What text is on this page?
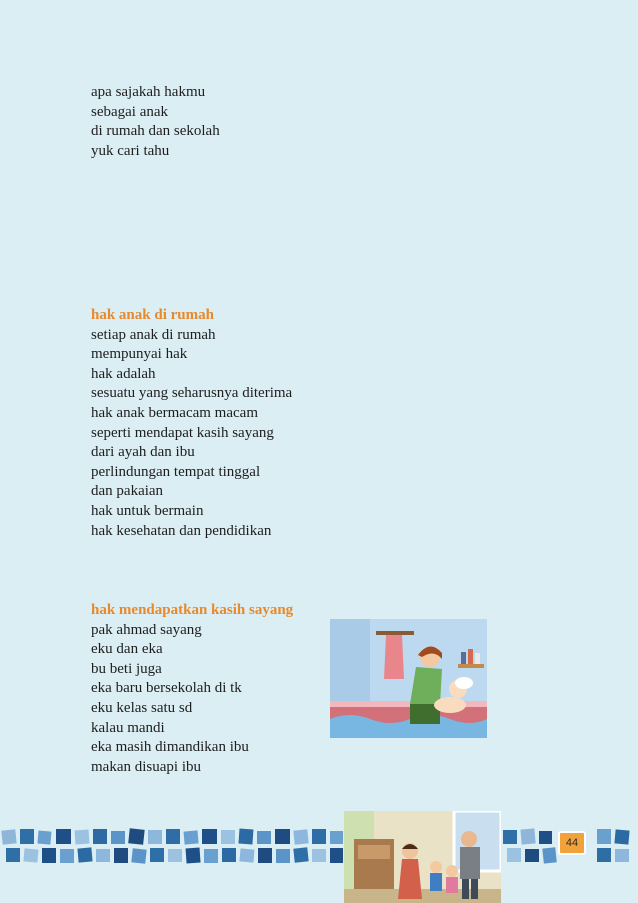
apa sajakah hakmu
sebagai anak
di rumah dan sekolah
yuk cari tahu
hak anak di rumah
setiap anak di rumah
mempunyai hak
hak adalah
sesuatu yang seharusnya diterima
hak anak bermacam macam
seperti mendapat kasih sayang
dari ayah dan ibu
perlindungan tempat tinggal
dan pakaian
hak untuk bermain
hak kesehatan dan pendidikan
hak mendapatkan kasih sayang
pak ahmad sayang
eku dan eka
bu beti juga
eka baru bersekolah di tk
eku kelas satu sd
kalau mandi
eka masih dimandikan ibu
makan disuapi ibu
44
